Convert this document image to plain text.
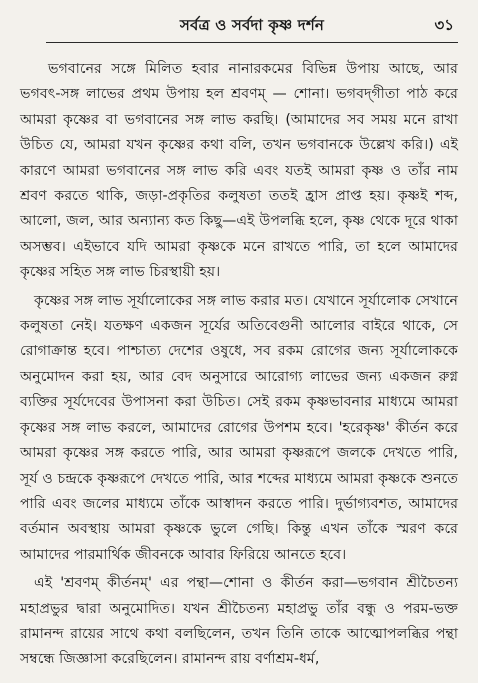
সর্বত্র ও সর্বদা কৃষ্ণ দর্শন	৩১

ভগবানের সঙ্গে মিলিত হবার নানারকমের বিভিন্ন উপায় আছে, আর ভগবৎ-সঙ্গ লাভের প্রথম উপায় হল শ্রবণম্ — শোনা। ভগবদ্‌গীতা পাঠ করে আমরা কৃষ্ণের বা ভগবানের সঙ্গ লাভ করছি। (আমাদের সব সময় মনে রাখা উচিত যে, আমরা যখন কৃষ্ণের কথা বলি, তখন ভগবানকে উল্লেখ করি।) এই কারণে আমরা ভগবানের সঙ্গ লাভ করি এবং যতই আমরা কৃষ্ণ ও তাঁর নাম শ্রবণ করতে থাকি, জড়া-প্রকৃতির কলুষতা ততই হ্রাস প্রাপ্ত হয়। কৃষ্ণই শব্দ, আলো, জল, আর অন্যান্য কত কিছু—এই উপলব্ধি হলে, কৃষ্ণ থেকে দূরে থাকা অসম্ভব। এইভাবে যদি আমরা কৃষ্ণকে মনে রাখতে পারি, তা হলে আমাদের কৃষ্ণের সহিত সঙ্গ লাভ চিরস্থায়ী হয়।

কৃষ্ণের সঙ্গ লাভ সূর্যালোকের সঙ্গ লাভ করার মত। যেখানে সূর্যালোক সেখানে কলুষতা নেই। যতক্ষণ একজন সূর্যের অতিবেগুনী আলোর বাইরে থাকে, সে রোগাক্রান্ত হবে। পাশ্চাত্য দেশের ওষুধে, সব রকম রোগের জন্য সূর্যালোককে অনুমোদন করা হয়, আর বেদ অনুসারে আরোগ্য লাভের জন্য একজন রুগ্ন ব্যক্তির সূর্যদেবের উপাসনা করা উচিত। সেই রকম কৃষ্ণভাবনার মাধ্যমে আমরা কৃষ্ণের সঙ্গ লাভ করলে, আমাদের রোগের উপশম হবে। 'হরেকৃষ্ণ' কীর্তন করে আমরা কৃষ্ণের সঙ্গ করতে পারি, আর আমরা কৃষ্ণরূপে জলকে দেখতে পারি, সূর্য ও চন্দ্রকে কৃষ্ণরূপে দেখতে পারি, আর শব্দের মাধ্যমে আমরা কৃষ্ণকে শুনতে পারি এবং জলের মাধ্যমে তাঁকে আস্বাদন করতে পারি। দুর্ভাগ্যবশত, আমাদের বর্তমান অবস্থায় আমরা কৃষ্ণকে ভুলে গেছি। কিন্তু এখন তাঁকে স্মরণ করে আমাদের পারমার্থিক জীবনকে আবার ফিরিয়ে আনতে হবে।

এই 'শ্রবণম্ কীর্তনম্' এর পন্থা—শোনা ও কীর্তন করা—ভগবান শ্রীচৈতন্য মহাপ্রভুর দ্বারা অনুমোদিত। যখন শ্রীচৈতন্য মহাপ্রভু তাঁর বন্ধু ও পরম-ভক্ত রামানন্দ রায়ের সাথে কথা বলছিলেন, তখন তিনি তাকে আত্মোপলব্ধির পন্থা সম্বন্ধে জিজ্ঞাসা করেছিলেন। রামানন্দ রায় বর্ণাশ্রম-ধর্ম,
